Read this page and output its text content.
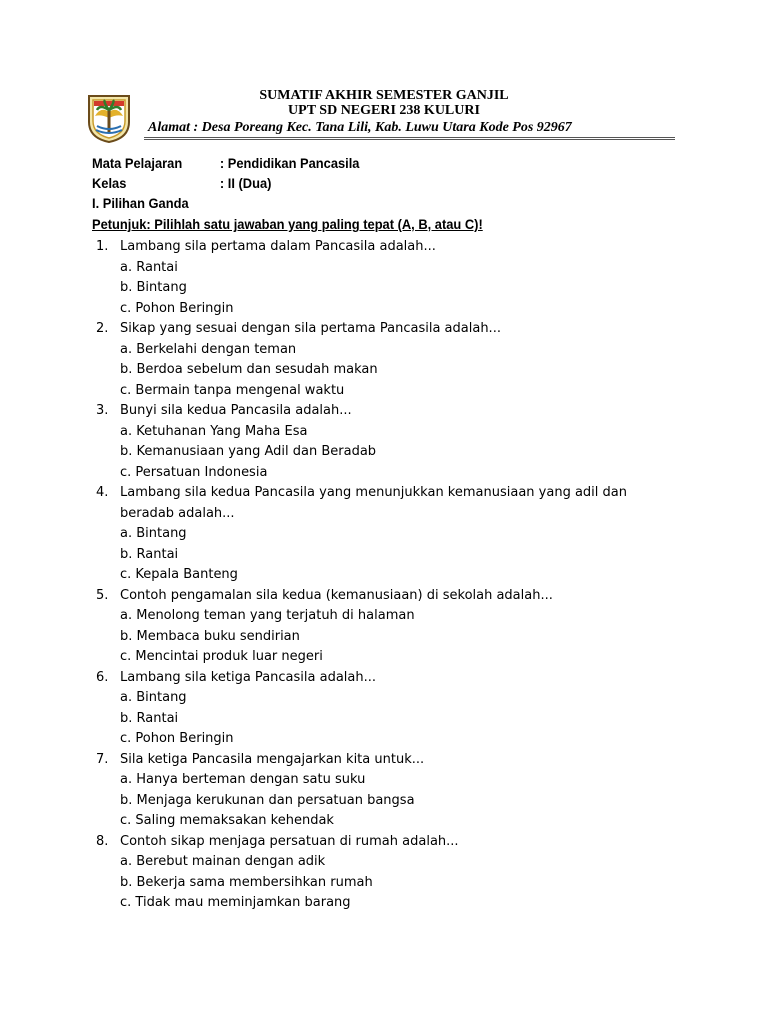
SUMATIF AKHIR SEMESTER GANJIL
UPT SD NEGERI 238 KULURI
Alamat : Desa Poreang Kec. Tana Lili, Kab. Luwu Utara Kode Pos 92967
Mata Pelajaran	: Pendidikan Pancasila
Kelas	: II (Dua)
I. Pilihan Ganda
Petunjuk: Pilihlah satu jawaban yang paling tepat (A, B, atau C)!
1. Lambang sila pertama dalam Pancasila adalah...
a. Rantai
b. Bintang
c. Pohon Beringin
2. Sikap yang sesuai dengan sila pertama Pancasila adalah...
a. Berkelahi dengan teman
b. Berdoa sebelum dan sesudah makan
c. Bermain tanpa mengenal waktu
3. Bunyi sila kedua Pancasila adalah...
a. Ketuhanan Yang Maha Esa
b. Kemanusiaan yang Adil dan Beradab
c. Persatuan Indonesia
4. Lambang sila kedua Pancasila yang menunjukkan kemanusiaan yang adil dan beradab adalah...
a. Bintang
b. Rantai
c. Kepala Banteng
5. Contoh pengamalan sila kedua (kemanusiaan) di sekolah adalah...
a. Menolong teman yang terjatuh di halaman
b. Membaca buku sendirian
c. Mencintai produk luar negeri
6. Lambang sila ketiga Pancasila adalah...
a. Bintang
b. Rantai
c. Pohon Beringin
7. Sila ketiga Pancasila mengajarkan kita untuk...
a. Hanya berteman dengan satu suku
b. Menjaga kerukunan dan persatuan bangsa
c. Saling memaksakan kehendak
8. Contoh sikap menjaga persatuan di rumah adalah...
a. Berebut mainan dengan adik
b. Bekerja sama membersihkan rumah
c. Tidak mau meminjamkan barang
